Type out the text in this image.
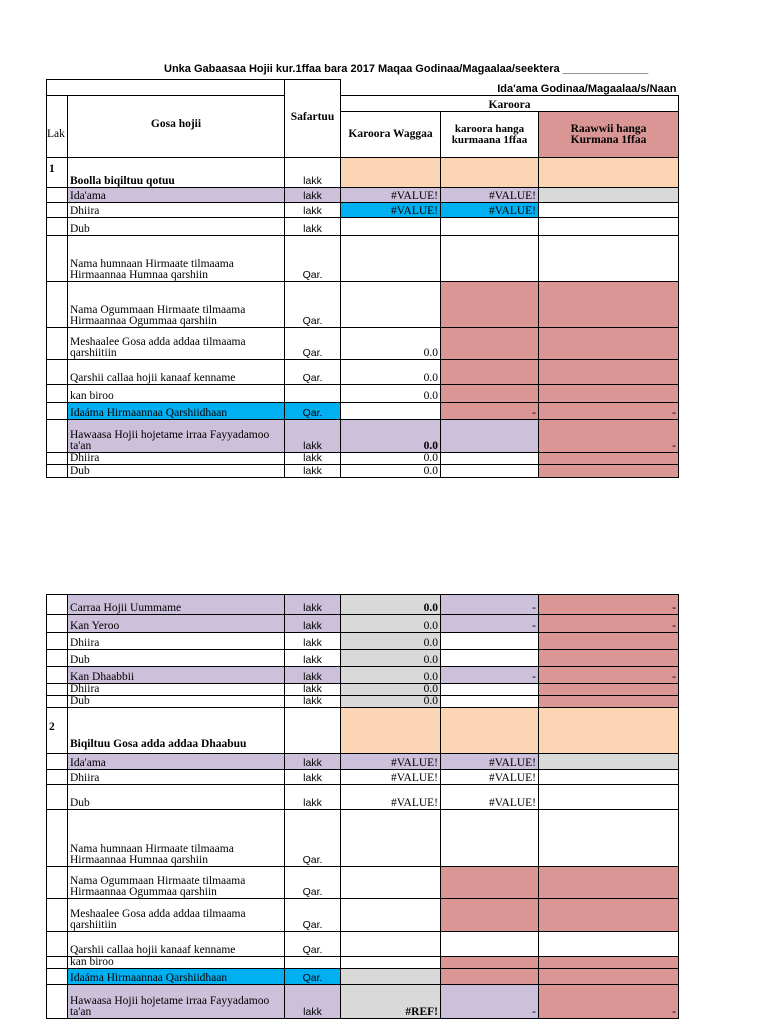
Unka Gabaasaa Hojii kur.1ffaa bara 2017 Maqaa Godinaa/Magaalaa/seektera ______________
			Ida'ama Godinaa/Magaalaa/s/Naan		
			Karoora		
Lak	Gosa hojii	Safartuu	Karoora Waggaa	karoora hanga kurmaana 1ffaa	Raawwii hanga Kurmana 1ffaa
1	Boolla biqiltuu qotuu	lakk			
	Ida'ama	lakk	#VALUE!	#VALUE!	
	Dhiira	lakk	#VALUE!	#VALUE!	
	Dub	lakk			
	Nama humnaan Hirmaate tilmaama Hirmaannaa Humnaa qarshiin	Qar.			
	Nama Ogummaan Hirmaate tilmaama Hirmaannaa Ogummaa qarshiin	Qar.			
	Meshaalee Gosa adda addaa tilmaama qarshiitiin	Qar.	0.0		
	Qarshii callaa hojii kanaaf kenname	Qar.	0.0		
	kan biroo		0.0		
	Idaáma Hirmaannaa Qarshiidhaan	Qar.		-	-
	Hawaasa Hojii hojetame irraa Fayyadamoo ta'an	lakk	0.0		-
	Dhiira	lakk	0.0		
	Dub	lakk	0.0		
	Carraa Hojii Uummame	lakk	0.0	-	-
	Kan Yeroo	lakk	0.0	-	-
	Dhiira	lakk	0.0		
	Dub	lakk	0.0		
	Kan Dhaabbii	lakk	0.0	-	-
	Dhiira	lakk	0.0		
	Dub	lakk	0.0		
2	Biqiltuu Gosa adda addaa Dhaabuu				
	Ida'ama	lakk	#VALUE!	#VALUE!	
	Dhiira	lakk	#VALUE!	#VALUE!	
	Dub	lakk	#VALUE!	#VALUE!	
	Nama humnaan Hirmaate tilmaama Hirmaannaa Humnaa qarshiin	Qar.			
	Nama Ogummaan Hirmaate tilmaama Hirmaannaa Ogummaa qarshiin	Qar.			
	Meshaalee Gosa adda addaa tilmaama qarshiitiin	Qar.			
	Qarshii callaa hojii kanaaf kenname	Qar.			
	kan biroo				
	Idaáma Hirmaannaa Qarshiidhaan	Qar.			
	Hawaasa Hojii hojetame irraa Fayyadamoo ta'an	lakk	#REF!	-	-
